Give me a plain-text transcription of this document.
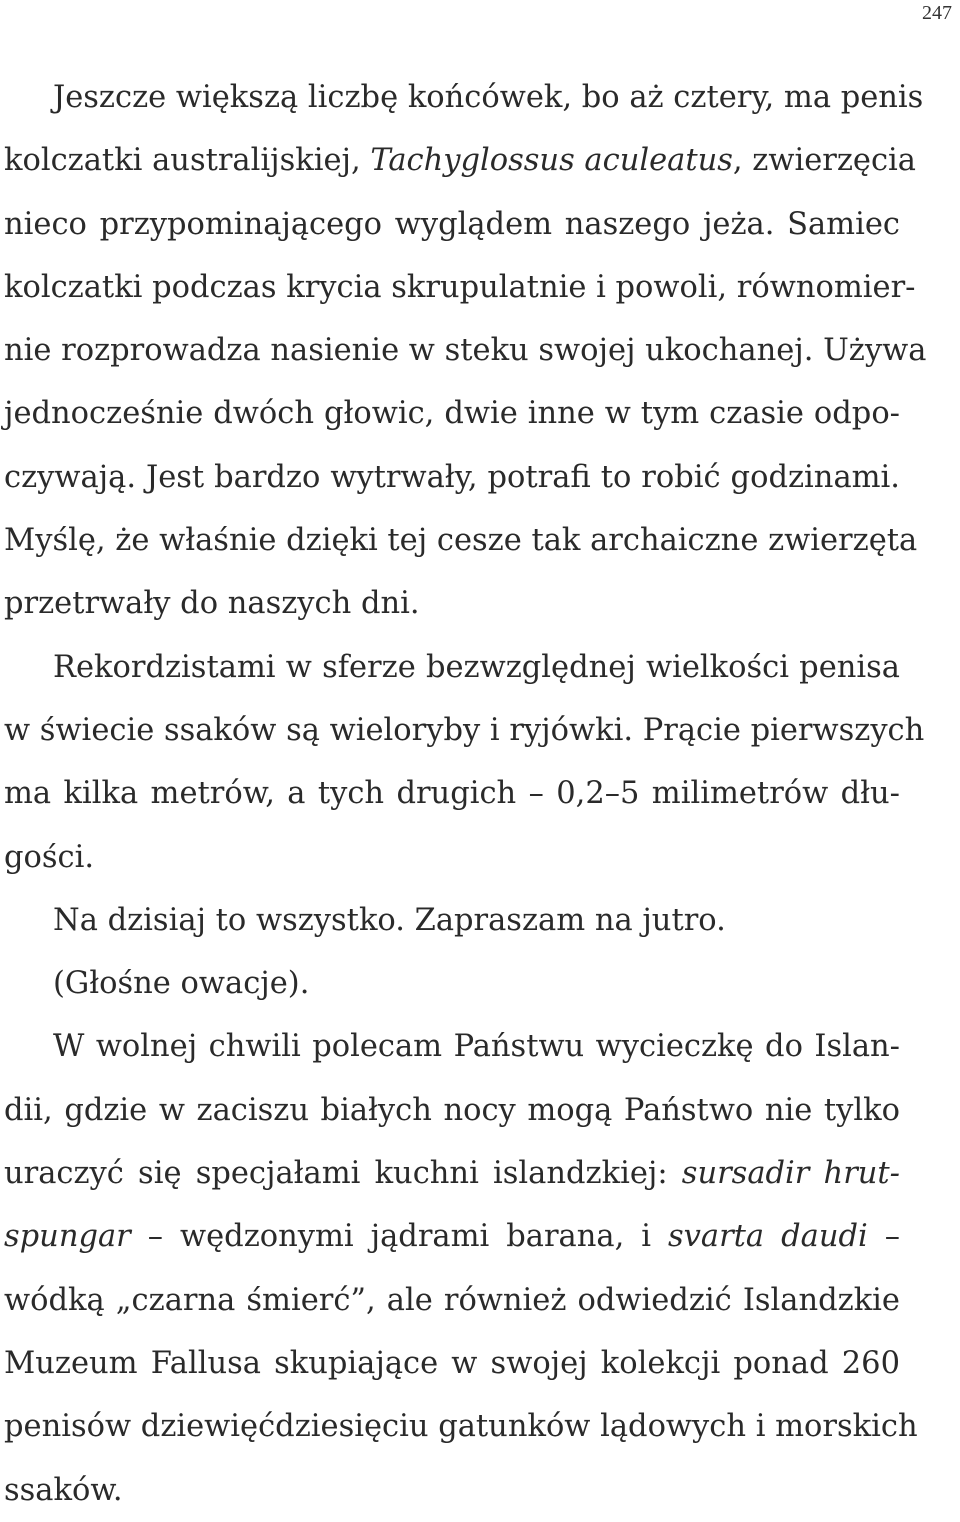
247
Jeszcze większą liczbę końcówek, bo aż cztery, ma penis
kolczatki australijskiej, Tachyglossus aculeatus, zwierzęcia
nieco przypominającego wyglądem naszego jeża. Samiec
kolczatki podczas krycia skrupulatnie i powoli, równomier-
nie rozprowadza nasienie w steku swojej ukochanej. Używa
jednocześnie dwóch głowic, dwie inne w tym czasie odpo-
czywają. Jest bardzo wytrwały, potrafi to robić godzinami.
Myślę, że właśnie dzięki tej cesze tak archaiczne zwierzęta
przetrwały do naszych dni.
Rekordzistami w sferze bezwzględnej wielkości penisa
w świecie ssaków są wieloryby i ryjówki. Prącie pierwszych
ma kilka metrów, a tych drugich – 0,2–5 milimetrów dłu-
gości.
Na dzisiaj to wszystko. Zapraszam na jutro.
(Głośne owacje).
W wolnej chwili polecam Państwu wycieczkę do Islan-
dii, gdzie w zaciszu białych nocy mogą Państwo nie tylko
uraczyć się specjałami kuchni islandzkiej: sursadir hrut-
spungar – wędzonymi jądrami barana, i svarta daudi –
wódką „czarna śmierć”, ale również odwiedzić Islandzkie
Muzeum Fallusa skupiające w swojej kolekcji ponad 260
penisów dziewięćdziesięciu gatunków lądowych i morskich
ssaków.
